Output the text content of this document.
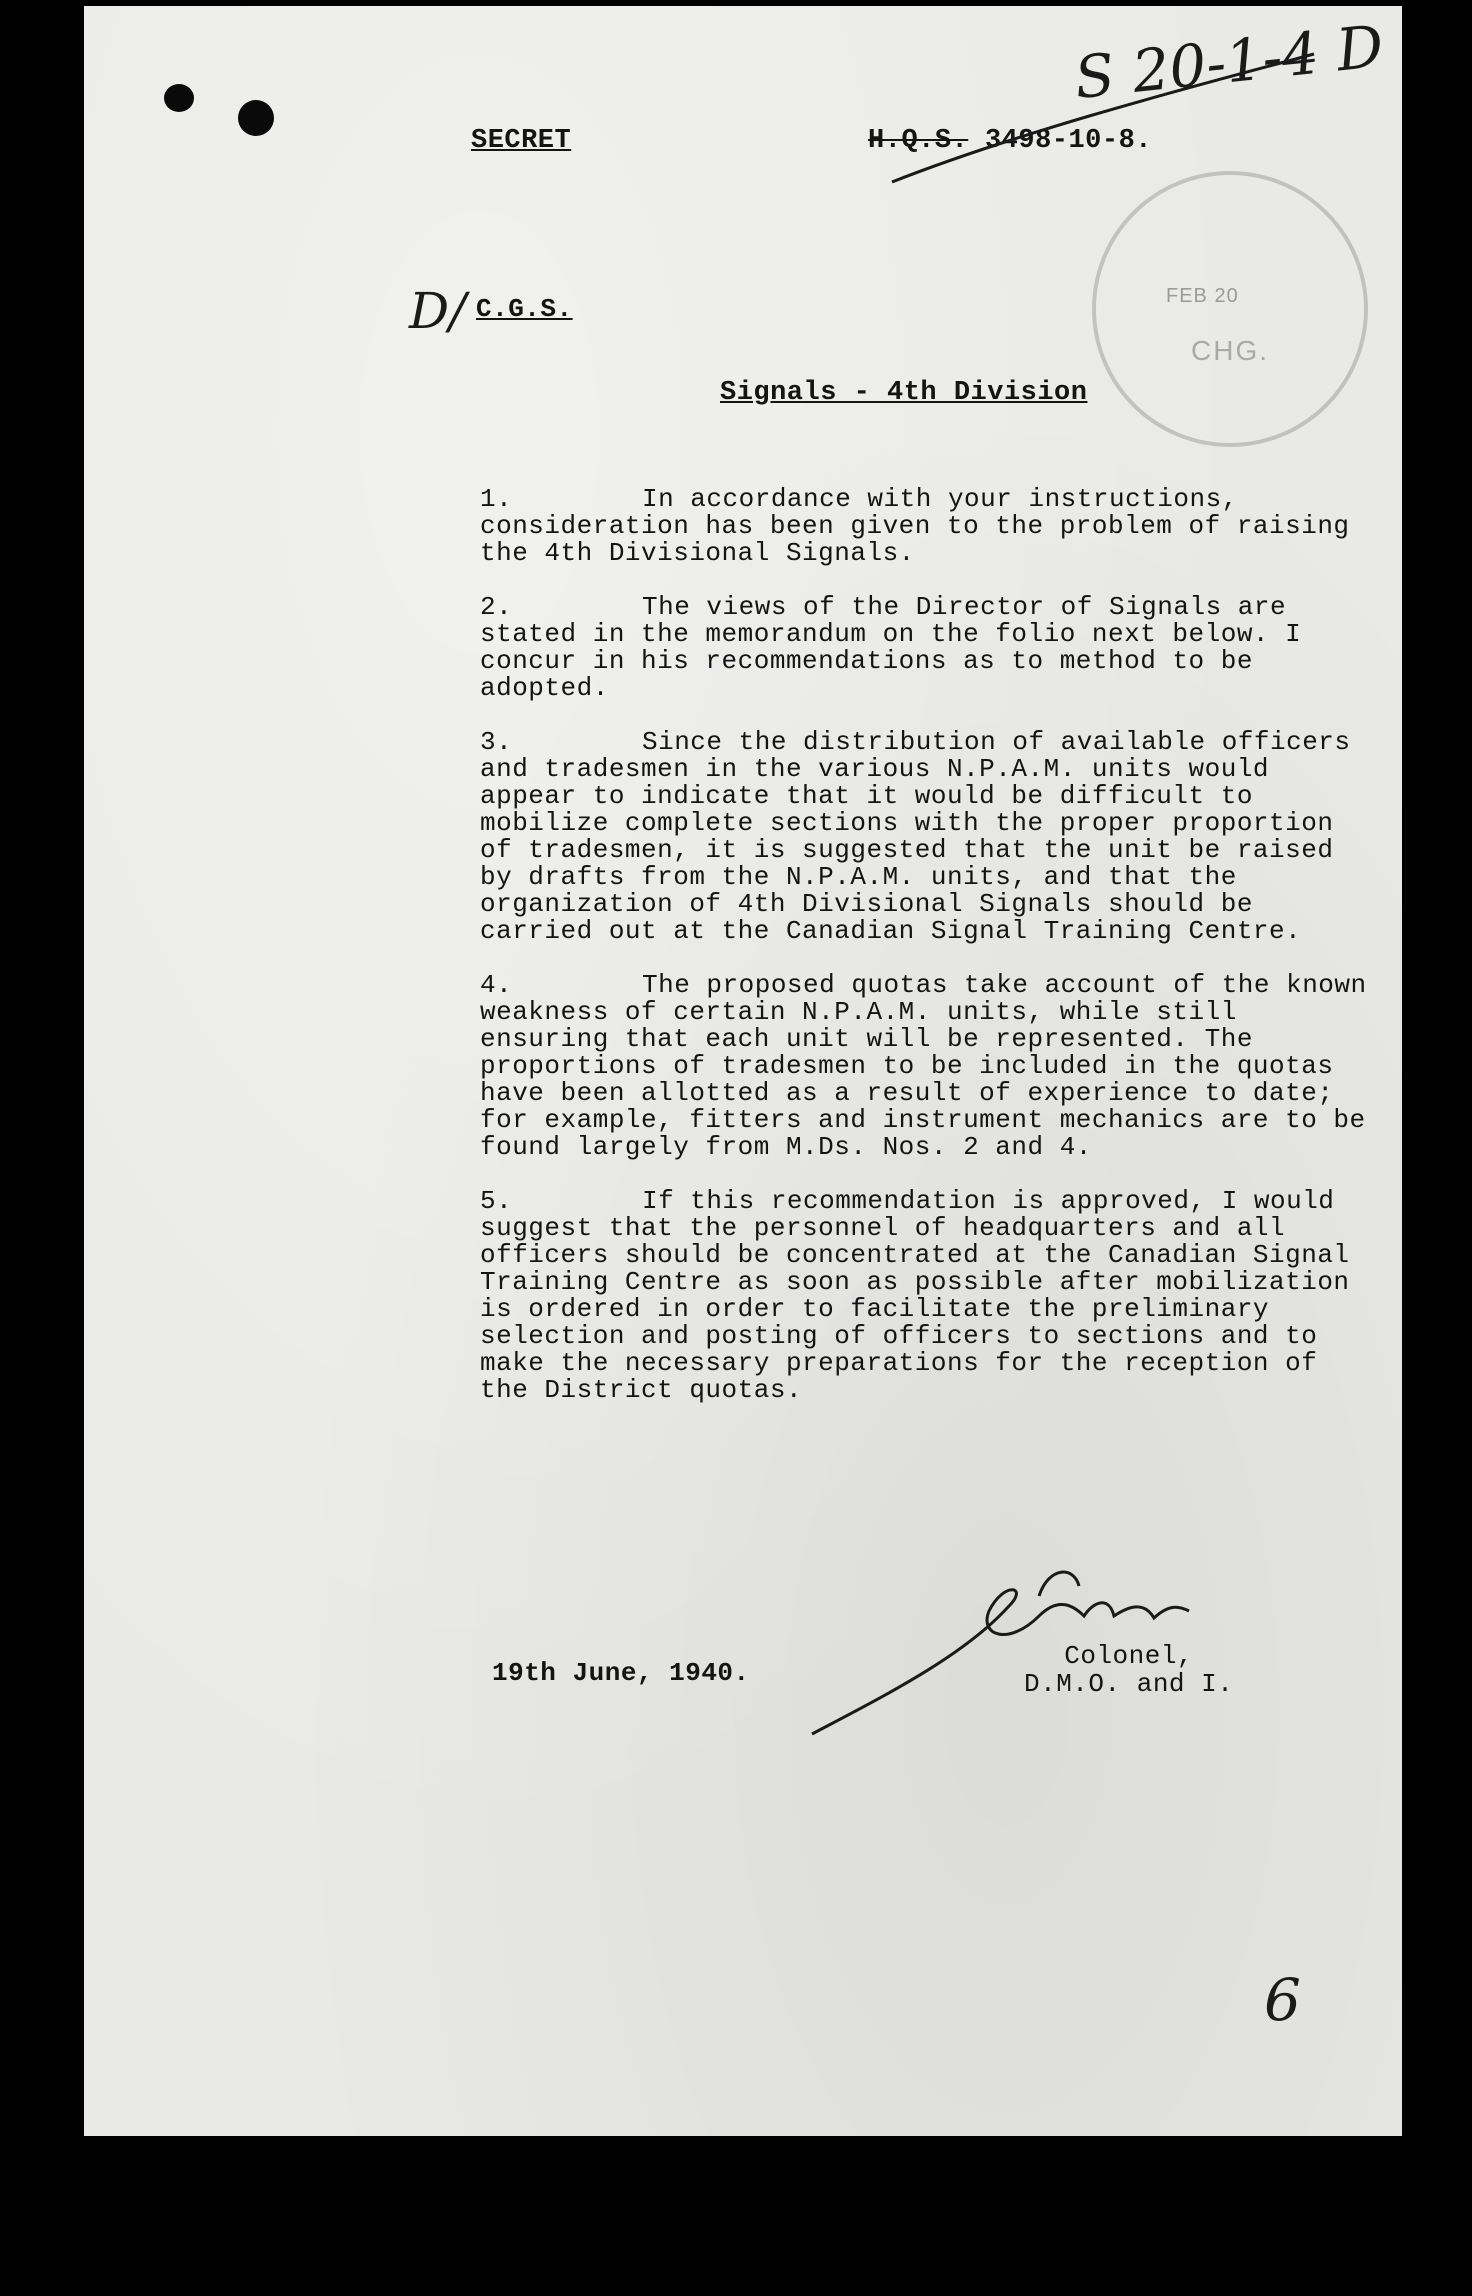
FEB 20
CHG.
SECRET	H.Q.S. 3498-10-8.
S 20-1-4 D
D/ C.G.S.
Signals - 4th Division

1.	In accordance with your instructions, consideration has been given to the problem of raising the 4th Divisional Signals.

2.	The views of the Director of Signals are stated in the memorandum on the folio next below. I concur in his recommendations as to method to be adopted.

3.	Since the distribution of available officers and tradesmen in the various N.P.A.M. units would appear to indicate that it would be difficult to mobilize complete sections with the proper proportion of tradesmen, it is suggested that the unit be raised by drafts from the N.P.A.M. units, and that the organization of 4th Divisional Signals should be carried out at the Canadian Signal Training Centre.

4.	The proposed quotas take account of the known weakness of certain N.P.A.M. units, while still ensuring that each unit will be represented. The proportions of tradesmen to be included in the quotas have been allotted as a result of experience to date; for example, fitters and instrument mechanics are to be found largely from M.Ds. Nos. 2 and 4.

5.	If this recommendation is approved, I would suggest that the personnel of headquarters and all officers should be concentrated at the Canadian Signal Training Centre as soon as possible after mobilization is ordered in order to facilitate the preliminary selection and posting of officers to sections and to make the necessary preparations for the reception of the District quotas.

19th June, 1940.
Colonel,
D.M.O. and I.
6
